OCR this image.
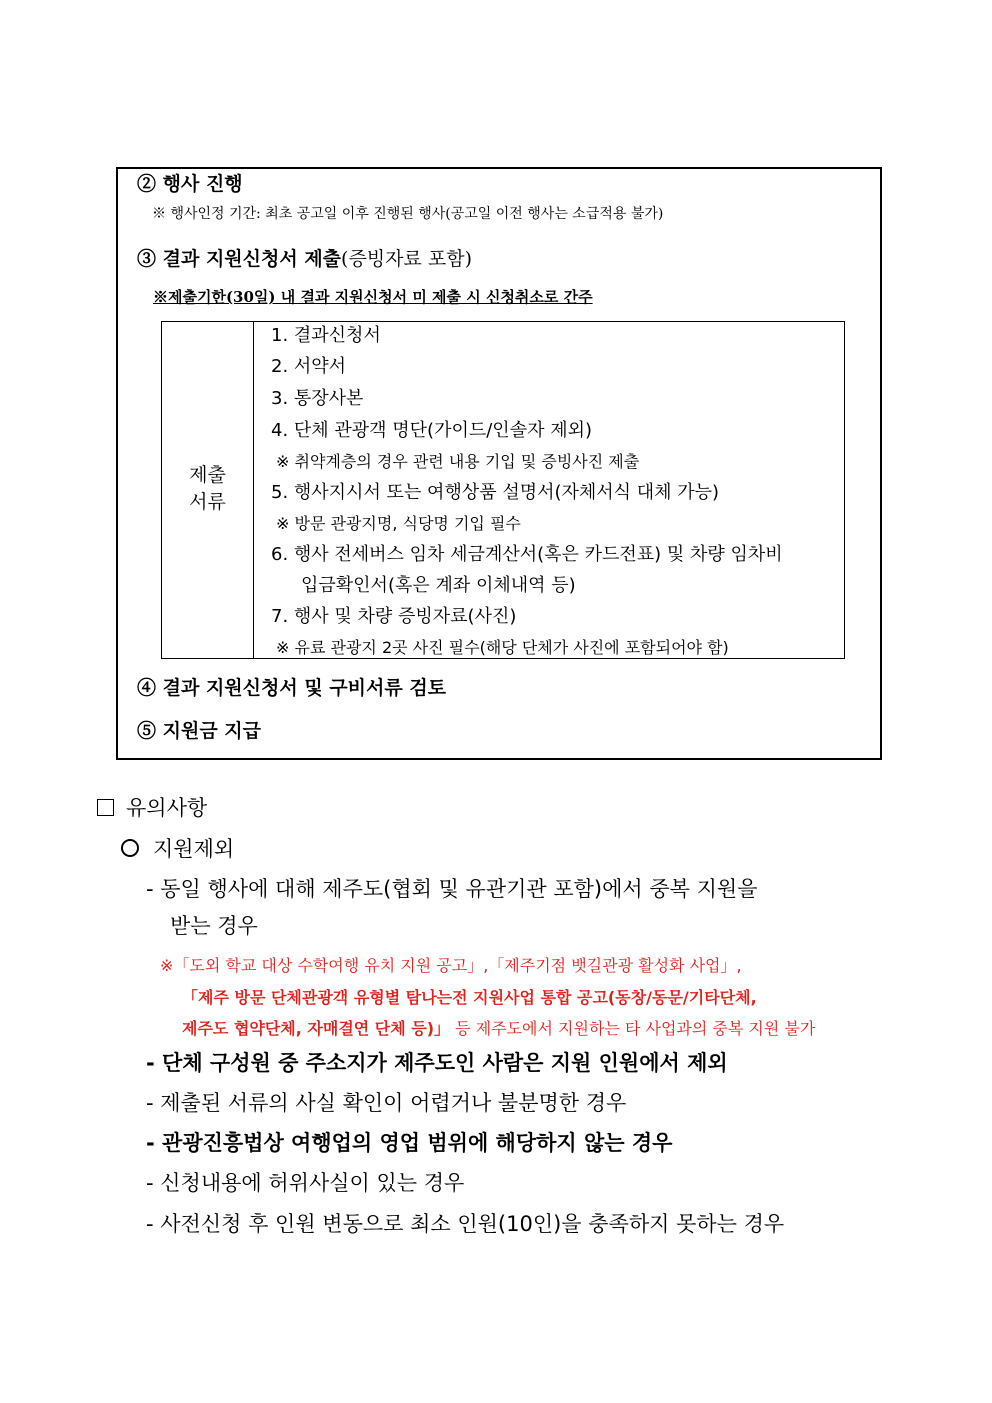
② 행사 진행
※ 행사인정 기간: 최초 공고일 이후 진행된 행사(공고일 이전 행사는 소급적용 불가)
③ 결과 지원신청서 제출(증빙자료 포함)
※제출기한(30일) 내 결과 지원신청서 미 제출 시 신청취소로 간주
제출
서류
1. 결과신청서
2. 서약서
3. 통장사본
4. 단체 관광객 명단(가이드/인솔자 제외)
※ 취약계층의 경우 관련 내용 기입 및 증빙사진 제출
5. 행사지시서 또는 여행상품 설명서(자체서식 대체 가능)
※ 방문 관광지명, 식당명 기입 필수
6. 행사 전세버스 임차 세금계산서(혹은 카드전표) 및 차량 임차비
입금확인서(혹은 계좌 이체내역 등)
7. 행사 및 차량 증빙자료(사진)
※ 유료 관광지 2곳 사진 필수(해당 단체가 사진에 포함되어야 함)
④ 결과 지원신청서 및 구비서류 검토
⑤ 지원금 지급
유의사항
지원제외
- 동일 행사에 대해 제주도(협회 및 유관기관 포함)에서 중복 지원을
받는 경우
※「도외 학교 대상 수학여행 유치 지원 공고」,「제주기점 뱃길관광 활성화 사업」,
「제주 방문 단체관광객 유형별 탐나는전 지원사업 통합 공고(동창/동문/기타단체,
제주도 협약단체, 자매결연 단체 등)」 등 제주도에서 지원하는 타 사업과의 중복 지원 불가
- 단체 구성원 중 주소지가 제주도인 사람은 지원 인원에서 제외
- 제출된 서류의 사실 확인이 어렵거나 불분명한 경우
- 관광진흥법상 여행업의 영업 범위에 해당하지 않는 경우
- 신청내용에 허위사실이 있는 경우
- 사전신청 후 인원 변동으로 최소 인원(10인)을 충족하지 못하는 경우
